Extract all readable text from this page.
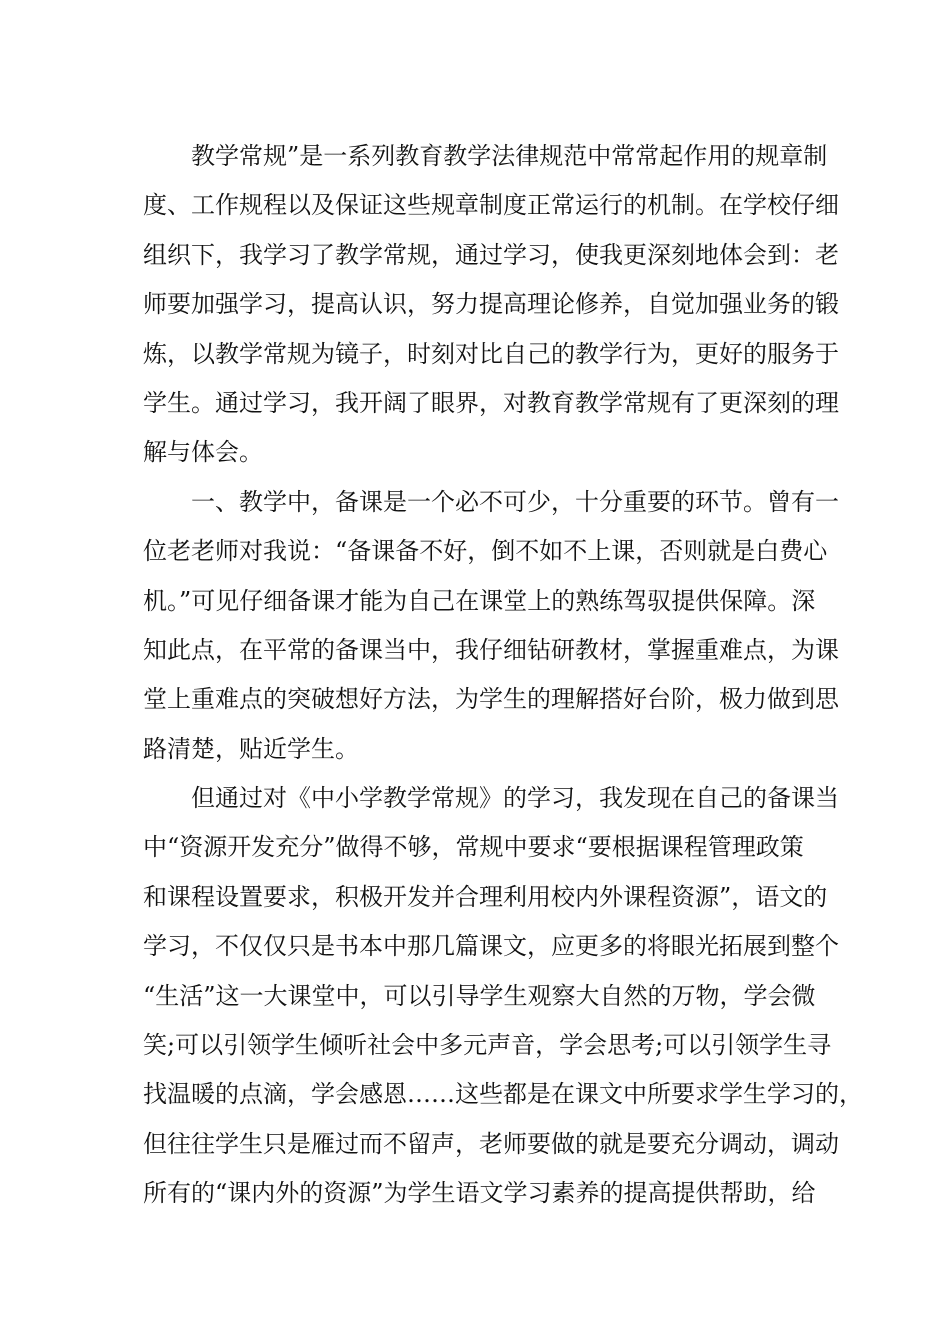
教学常规”是一系列教育教学法律规范中常常起作用的规章制
度、工作规程以及保证这些规章制度正常运行的机制。在学校仔细
组织下，我学习了教学常规，通过学习，使我更深刻地体会到：老
师要加强学习，提高认识，努力提高理论修养，自觉加强业务的锻
炼，以教学常规为镜子，时刻对比自己的教学行为，更好的服务于
学生。通过学习，我开阔了眼界，对教育教学常规有了更深刻的理
解与体会。
一、教学中，备课是一个必不可少，十分重要的环节。曾有一
位老老师对我说：“备课备不好，倒不如不上课，否则就是白费心
机。”可见仔细备课才能为自己在课堂上的熟练驾驭提供保障。深
知此点，在平常的备课当中，我仔细钻研教材，掌握重难点，为课
堂上重难点的突破想好方法，为学生的理解搭好台阶，极力做到思
路清楚，贴近学生。
但通过对《中小学教学常规》的学习，我发现在自己的备课当
中“资源开发充分”做得不够，常规中要求“要根据课程管理政策
和课程设置要求，积极开发并合理利用校内外课程资源”，语文的
学习，不仅仅只是书本中那几篇课文，应更多的将眼光拓展到整个
“生活”这一大课堂中，可以引导学生观察大自然的万物，学会微
笑;可以引领学生倾听社会中多元声音，学会思考;可以引领学生寻
找温暖的点滴，学会感恩……这些都是在课文中所要求学生学习的，
但往往学生只是雁过而不留声，老师要做的就是要充分调动，调动
所有的“课内外的资源”为学生语文学习素养的提高提供帮助，给
